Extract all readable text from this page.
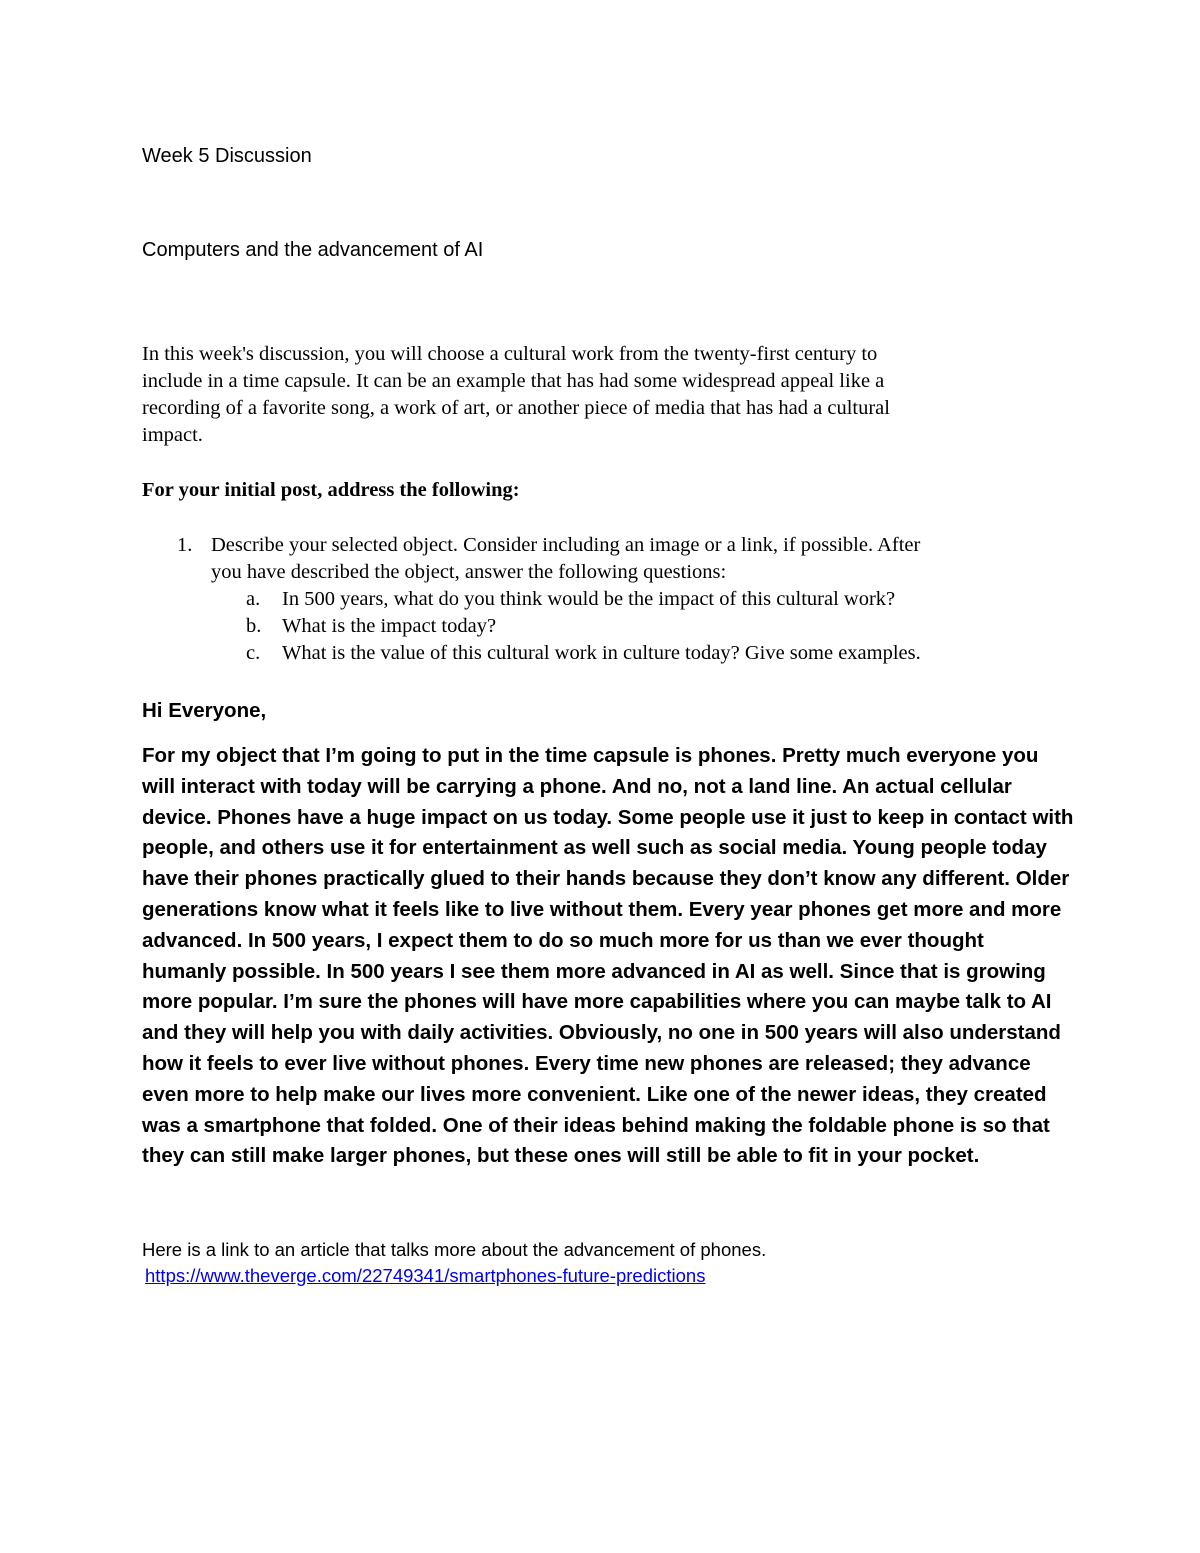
Week 5 Discussion

Computers and the advancement of AI

In this week's discussion, you will choose a cultural work from the twenty-first century to
include in a time capsule. It can be an example that has had some widespread appeal like a
recording of a favorite song, a work of art, or another piece of media that has had a cultural
impact.

For your initial post, address the following:

1. Describe your selected object. Consider including an image or a link, if possible. After
you have described the object, answer the following questions:
a. In 500 years, what do you think would be the impact of this cultural work?
b. What is the impact today?
c. What is the value of this cultural work in culture today? Give some examples.

Hi Everyone,

For my object that I’m going to put in the time capsule is phones. Pretty much everyone you
will interact with today will be carrying a phone. And no, not a land line. An actual cellular
device. Phones have a huge impact on us today. Some people use it just to keep in contact with
people, and others use it for entertainment as well such as social media. Young people today
have their phones practically glued to their hands because they don’t know any different. Older
generations know what it feels like to live without them. Every year phones get more and more
advanced. In 500 years, I expect them to do so much more for us than we ever thought
humanly possible. In 500 years I see them more advanced in AI as well. Since that is growing
more popular. I’m sure the phones will have more capabilities where you can maybe talk to AI
and they will help you with daily activities. Obviously, no one in 500 years will also understand
how it feels to ever live without phones. Every time new phones are released; they advance
even more to help make our lives more convenient. Like one of the newer ideas, they created
was a smartphone that folded. One of their ideas behind making the foldable phone is so that
they can still make larger phones, but these ones will still be able to fit in your pocket.

Here is a link to an article that talks more about the advancement of phones.

https://www.theverge.com/22749341/smartphones-future-predictions
